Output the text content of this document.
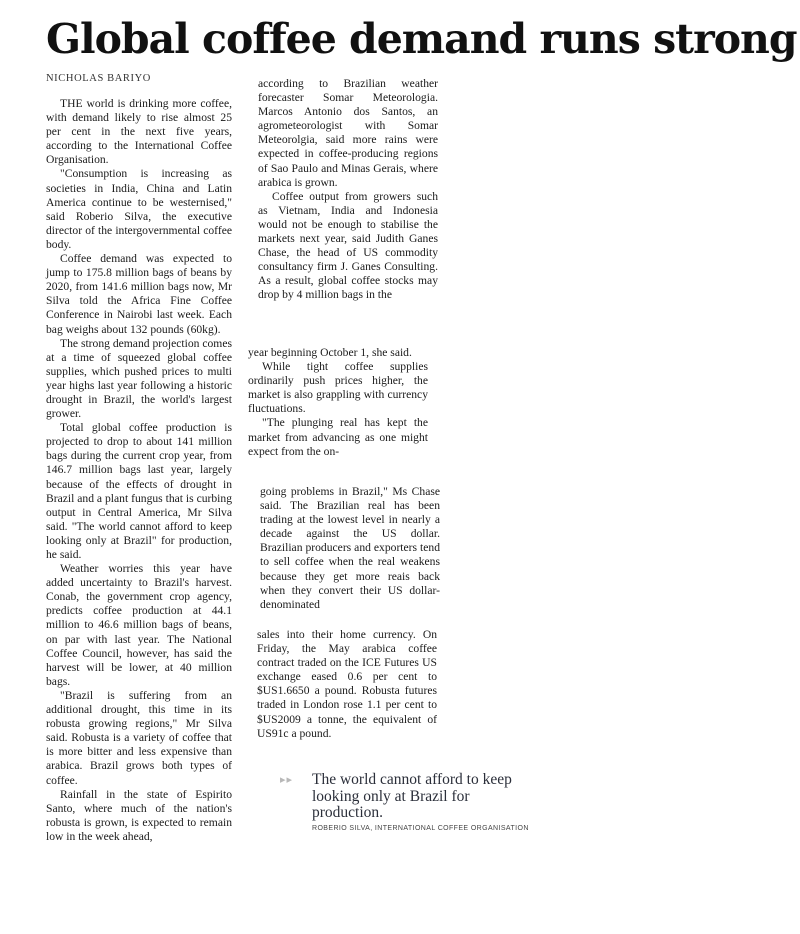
Global coffee demand runs strong
NICHOLAS BARIYO

THE world is drinking more coffee, with demand likely to rise almost 25 per cent in the next five years, according to the International Coffee Organisation.

"Consumption is increasing as societies in India, China and Latin America continue to be westernised," said Roberio Silva, the executive director of the intergovernmental coffee body.

Coffee demand was expected to jump to 175.8 million bags of beans by 2020, from 141.6 million bags now, Mr Silva told the Africa Fine Coffee Conference in Nairobi last week. Each bag weighs about 132 pounds (60kg).

The strong demand projection comes at a time of squeezed global coffee supplies, which pushed prices to multi year highs last year following a historic drought in Brazil, the world's largest grower.

Total global coffee production is projected to drop to about 141 million bags during the current crop year, from 146.7 million bags last year, largely because of the effects of drought in Brazil and a plant fungus that is curbing output in Central America, Mr Silva said. "The world cannot afford to keep looking only at Brazil" for production, he said.

Weather worries this year have added uncertainty to Brazil's harvest. Conab, the government crop agency, predicts coffee production at 44.1 million to 46.6 million bags of beans, on par with last year. The National Coffee Council, however, has said the harvest will be lower, at 40 million bags.

"Brazil is suffering from an additional drought, this time in its robusta growing regions," Mr Silva said. Robusta is a variety of coffee that is more bitter and less expensive than arabica. Brazil grows both types of coffee.

Rainfall in the state of Espirito Santo, where much of the nation's robusta is grown, is expected to remain low in the week ahead,

according to Brazilian weather forecaster Somar Meteorologia. Marcos Antonio dos Santos, an agrometeorologist with Somar Meteorolgia, said more rains were expected in coffee-producing regions of Sao Paulo and Minas Gerais, where arabica is grown.

Coffee output from growers such as Vietnam, India and Indonesia would not be enough to stabilise the markets next year, said Judith Ganes Chase, the head of US commodity consultancy firm J. Ganes Consulting. As a result, global coffee stocks may drop by 4 million bags in the

year beginning October 1, she said.

While tight coffee supplies ordinarily push prices higher, the market is also grappling with currency fluctuations.

"The plunging real has kept the market from advancing as one might expect from the on-

going problems in Brazil," Ms Chase said. The Brazilian real has been trading at the lowest level in nearly a decade against the US dollar. Brazilian producers and exporters tend to sell coffee when the real weakens because they get more reais back when they convert their US dollar-denominated

sales into their home currency. On Friday, the May arabica coffee contract traded on the ICE Futures US exchange eased 0.6 per cent to $US1.6650 a pound. Robusta futures traded in London rose 1.1 per cent to $US2009 a tonne, the equivalent of US91c a pound.

▸▸	The world cannot afford to keep looking only at Brazil for production.

ROBERIO SILVA, INTERNATIONAL COFFEE ORGANISATION
